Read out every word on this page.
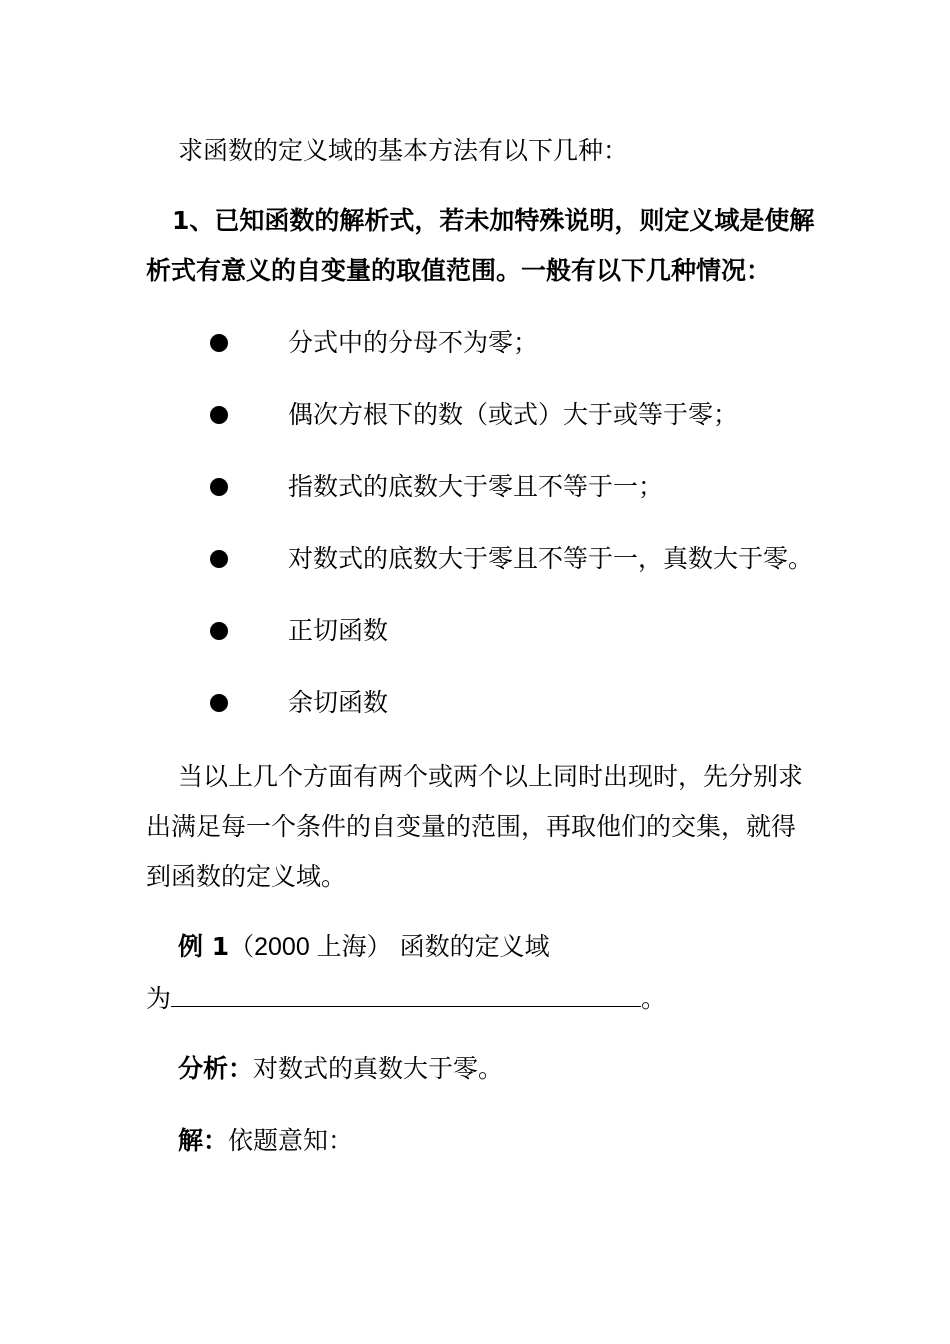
求函数的定义域的基本方法有以下几种：
1、已知函数的解析式，若未加特殊说明，则定义域是使解
析式有意义的自变量的取值范围。一般有以下几种情况：
分式中的分母不为零；
偶次方根下的数（或式）大于或等于零；
指数式的底数大于零且不等于一；
对数式的底数大于零且不等于一，真数大于零。
正切函数
余切函数
当以上几个方面有两个或两个以上同时出现时，先分别求
出满足每一个条件的自变量的范围，再取他们的交集，就得
到函数的定义域。
例 1（2000 上海） 函数的定义域
为	。
分析：对数式的真数大于零。
解：依题意知：
